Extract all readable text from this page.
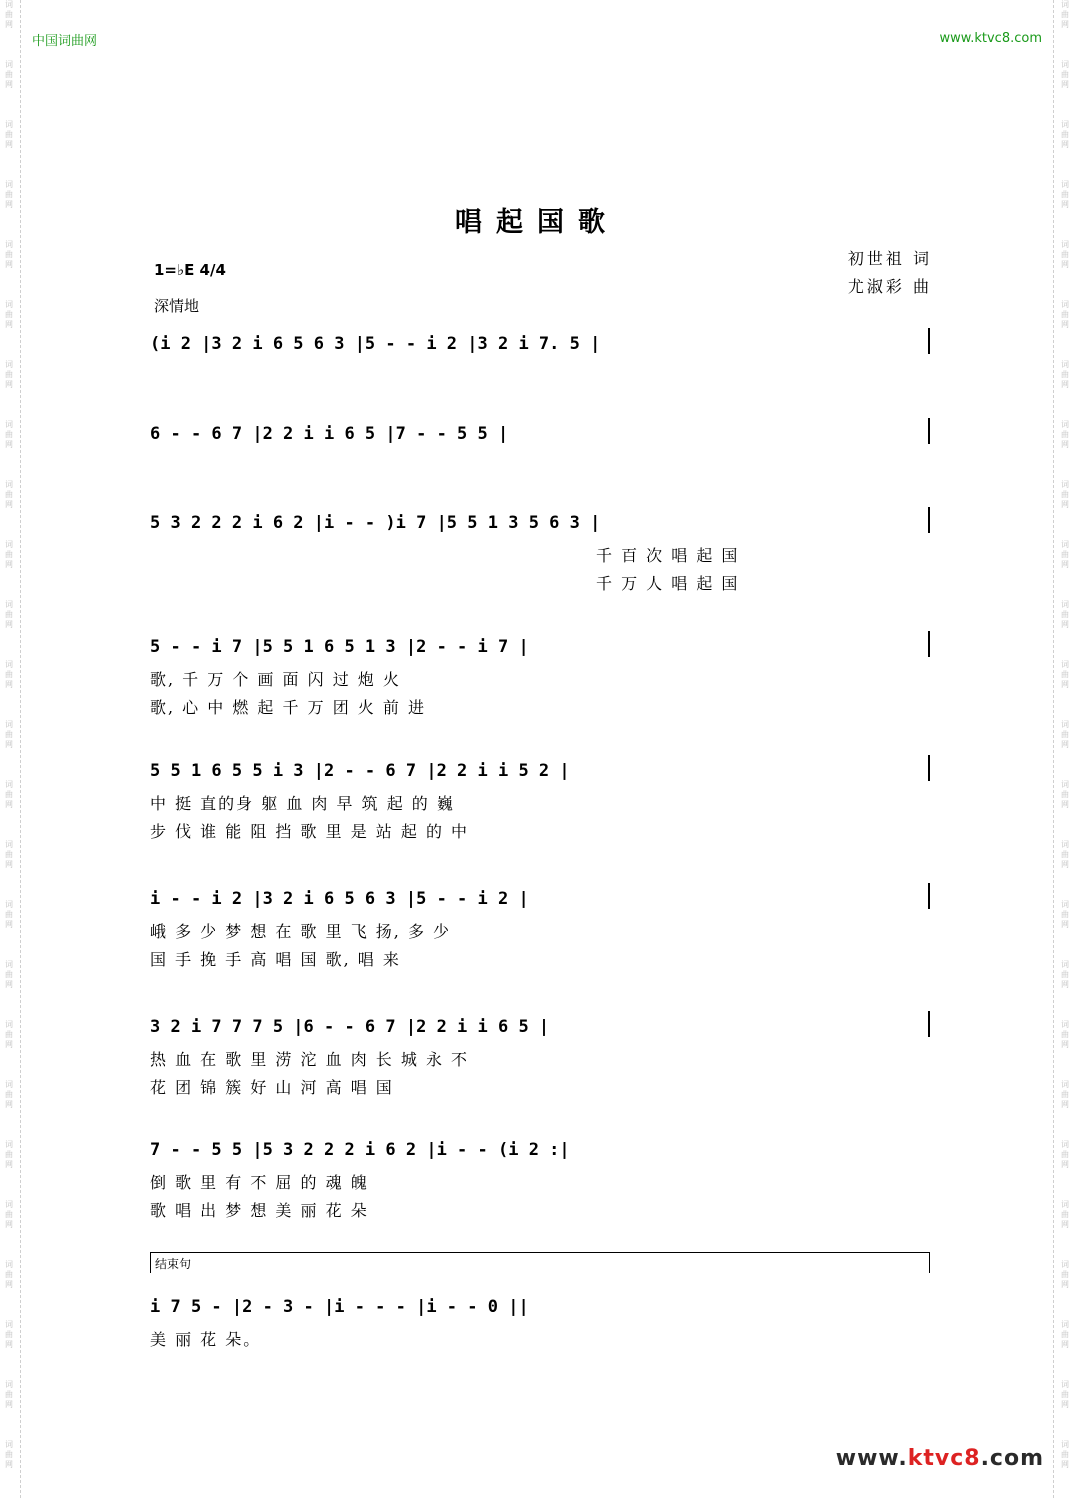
词
曲
网
词
曲
网
词
曲
网
词
曲
网
词
曲
网
词
曲
网
词
曲
网
词
曲
网
词
曲
网
词
曲
网
词
曲
网
词
曲
网
词
曲
网
词
曲
网
词
曲
网
词
曲
网
词
曲
网
词
曲
网
词
曲
网
词
曲
网
词
曲
网
词
曲
网
词
曲
网
词
曲
网
词
曲
网
词
曲
网
词
曲
网
词
曲
网
词
曲
网
词
曲
网
词
曲
网
词
曲
网
词
曲
网
词
曲
网
词
曲
网
词
曲
网
词
曲
网
词
曲
网
词
曲
网
词
曲
网
词
曲
网
词
曲
网
词
曲
网
词
曲
网
词
曲
网
词
曲
网
词
曲
网
词
曲
网
词
曲
网
词
曲
网
中国词曲网	www.ktvc8.com
唱起国歌
初世祖 词
尤淑彩 曲
1=♭E 4/4
深情地
(i 2 |3 2 i 6 5 6 3 |5 - - i 2 |3 2 i 7. 5 |
6 - - 6 7 |2 2 i i 6 5 |7 - - 5 5 |
5 3 2 2 2 i 6 2 |i - - )i 7 |5 5 1 3 5 6 3 |
千 百 次 唱 起 国
千 万 人 唱 起 国
5 - - i 7 |5 5 1 6 5 1 3 |2 - - i 7 |
歌, 千 万 个 画 面 闪 过 炮 火
歌, 心 中 燃 起 千 万 团 火 前 进
5 5 1 6 5 5 i 3 |2 - - 6 7 |2 2 i i 5 2 |
中 挺 直的身 躯 血 肉 早 筑 起 的 巍
步 伐 谁 能 阻 挡 歌 里 是 站 起 的 中
i - - i 2 |3 2 i 6 5 6 3 |5 - - i 2 |
峨 多 少 梦 想 在 歌 里 飞 扬, 多 少
国 手 挽 手 高 唱 国 歌, 唱 来
3 2 i 7 7 7 5 |6 - - 6 7 |2 2 i i 6 5 |
热 血 在 歌 里 涝 沱 血 肉 长 城 永 不
花 团 锦 簇 好 山 河 高 唱 国
7 - - 5 5 |5 3 2 2 2 i 6 2 |i - - (i 2 :|
倒 歌 里 有 不 屈 的 魂 魄
歌 唱 出 梦 想 美 丽 花 朵
结束句
i 7 5 - |2 - 3 - |i - - - |i - - 0 ||
美 丽 花 朵。
www.ktvc8.com
